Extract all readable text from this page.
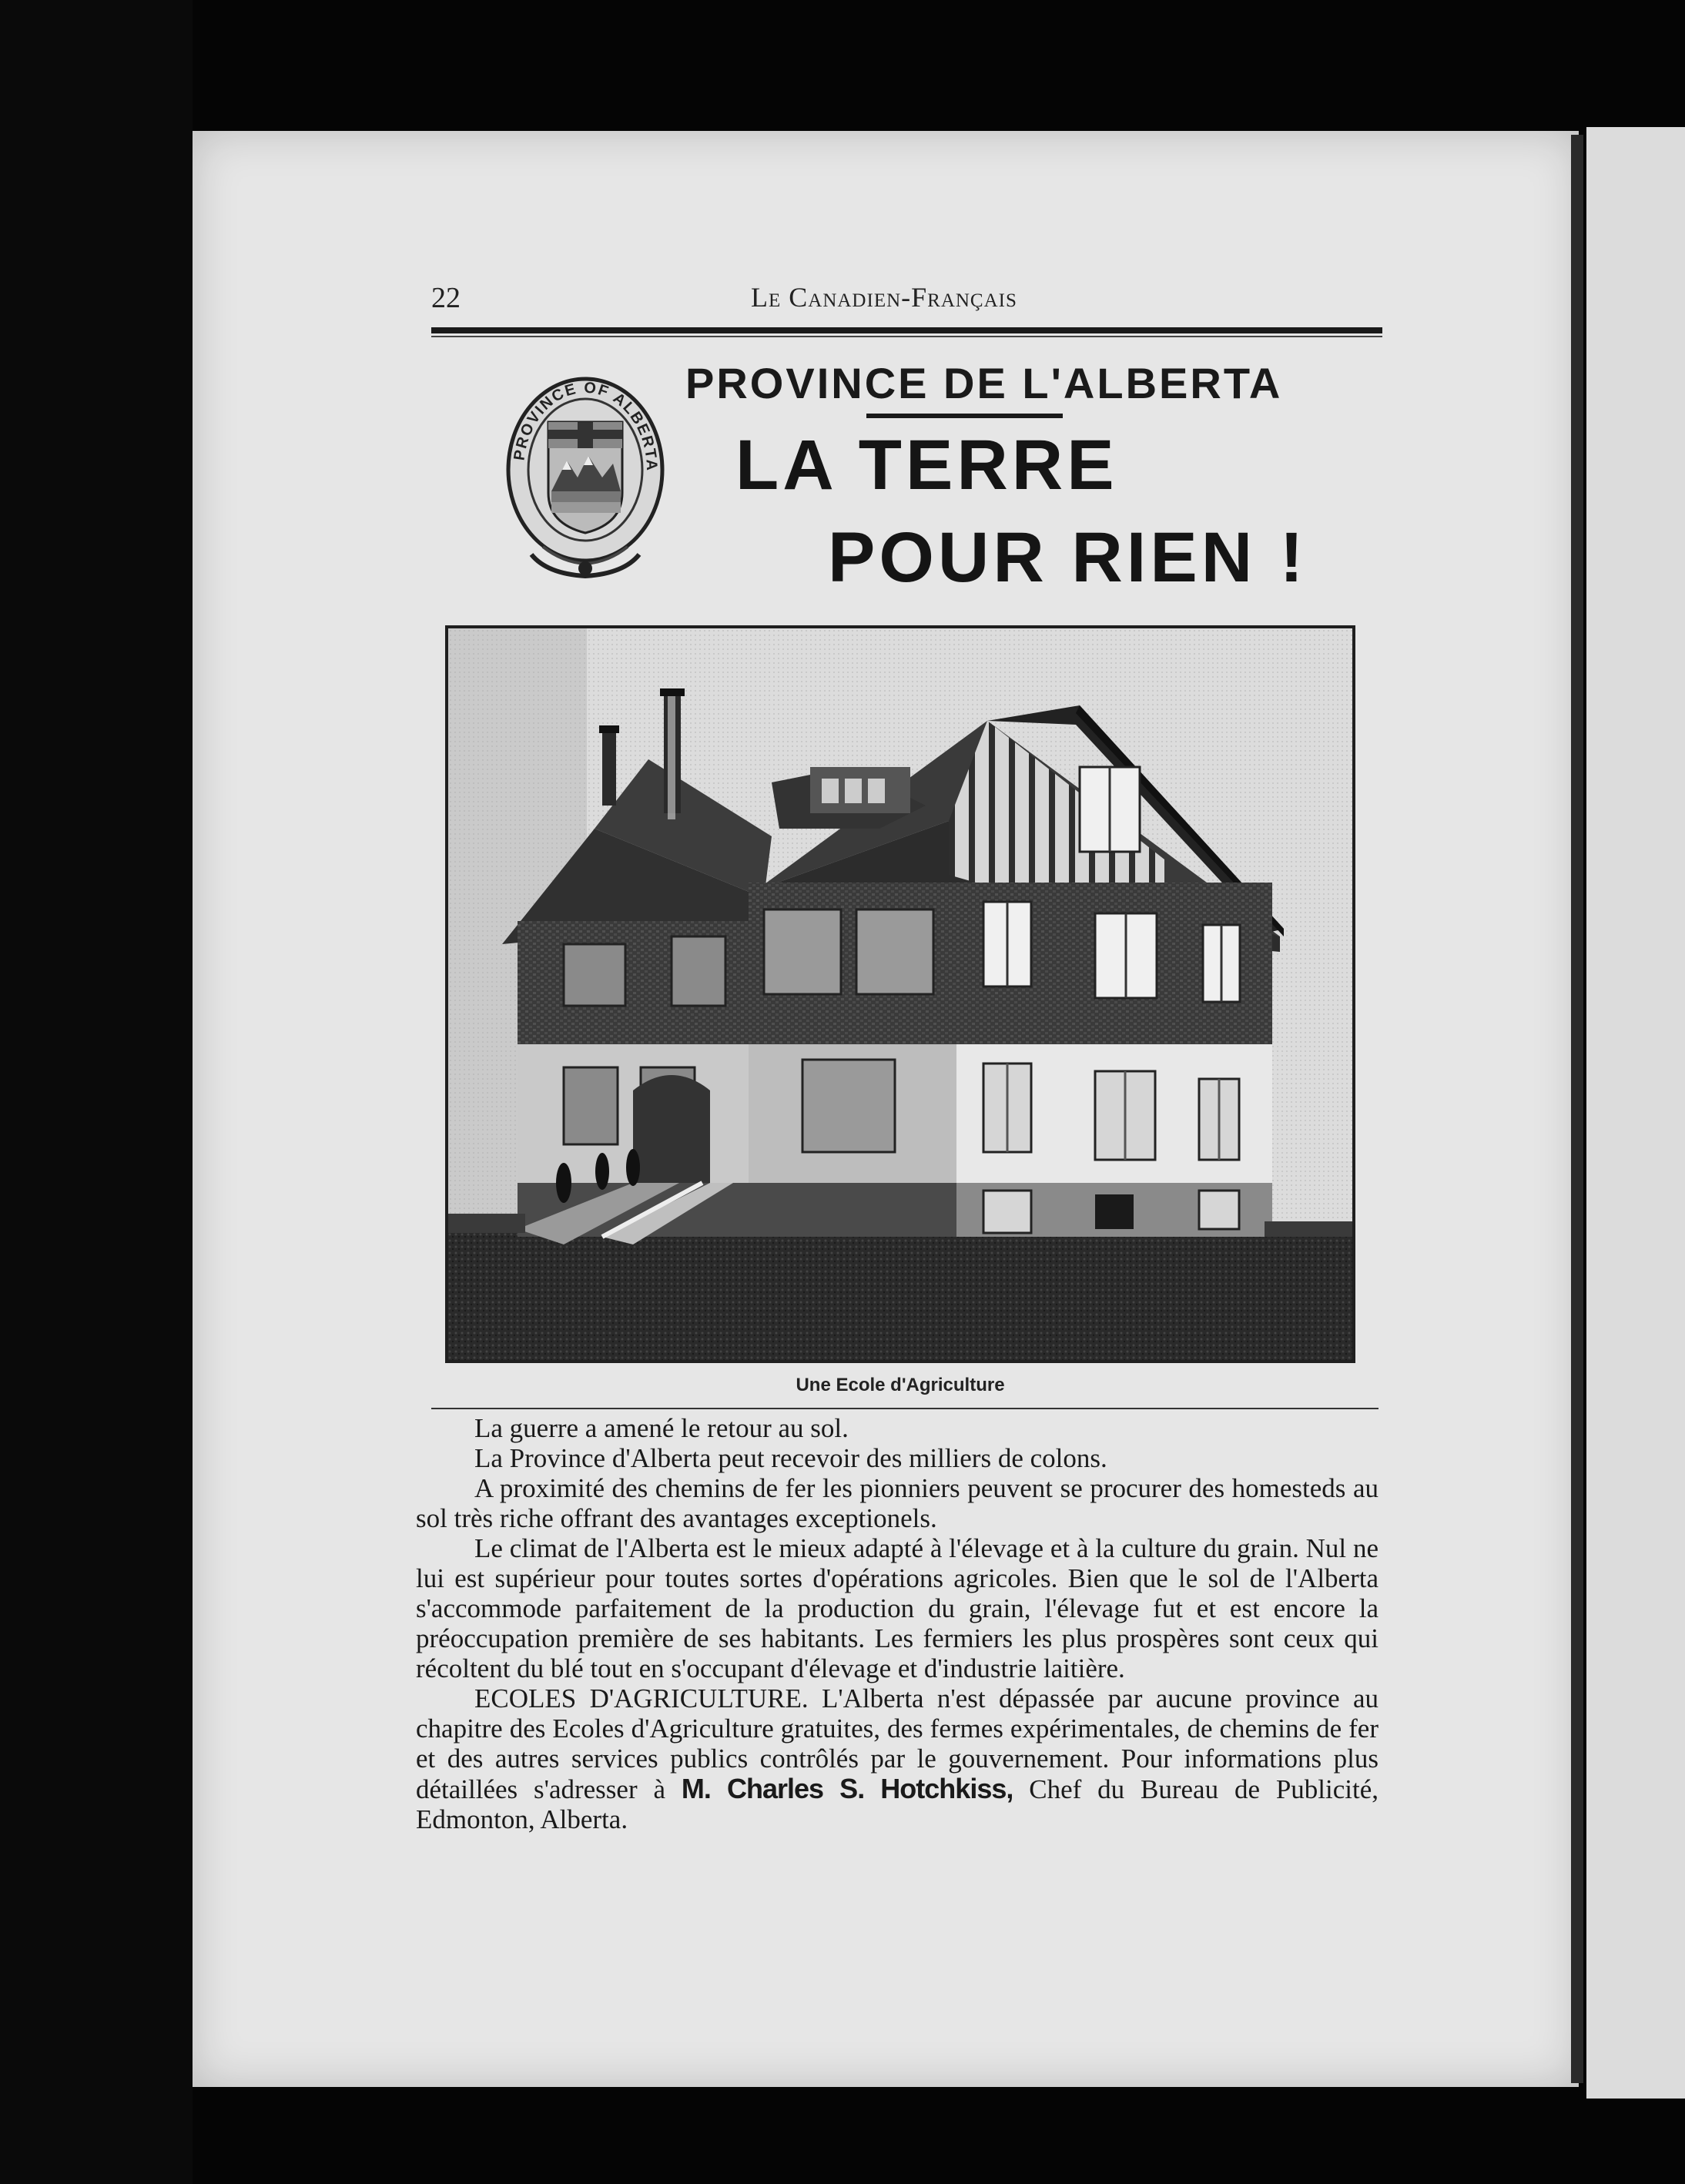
22	Le Canadien-Français
PROVINCE OF ALBERTA
PROVINCE DE L'ALBERTA
LA TERRE
POUR RIEN !
Une Ecole d'Agriculture

La guerre a amené le retour au sol.

La Province d'Alberta peut recevoir des milliers de colons.

A proximité des chemins de fer les pionniers peuvent se procurer des homesteds au sol très riche offrant des avantages exceptionels.

Le climat de l'Alberta est le mieux adapté à l'élevage et à la culture du grain. Nul ne lui est supérieur pour toutes sortes d'opérations agricoles. Bien que le sol de l'Alberta s'accommode parfaitement de la production du grain, l'élevage fut et est encore la préoccupation première de ses habitants. Les fermiers les plus prospères sont ceux qui récoltent du blé tout en s'occupant d'élevage et d'industrie laitière.

ECOLES D'AGRICULTURE. L'Alberta n'est dépassée par aucune province au chapitre des Ecoles d'Agriculture gratuites, des fermes expérimentales, de chemins de fer et des autres services publics contrôlés par le gouvernement. Pour informations plus détaillées s'adresser à M. Charles S. Hotchkiss, Chef du Bureau de Publicité, Edmonton, Alberta.
